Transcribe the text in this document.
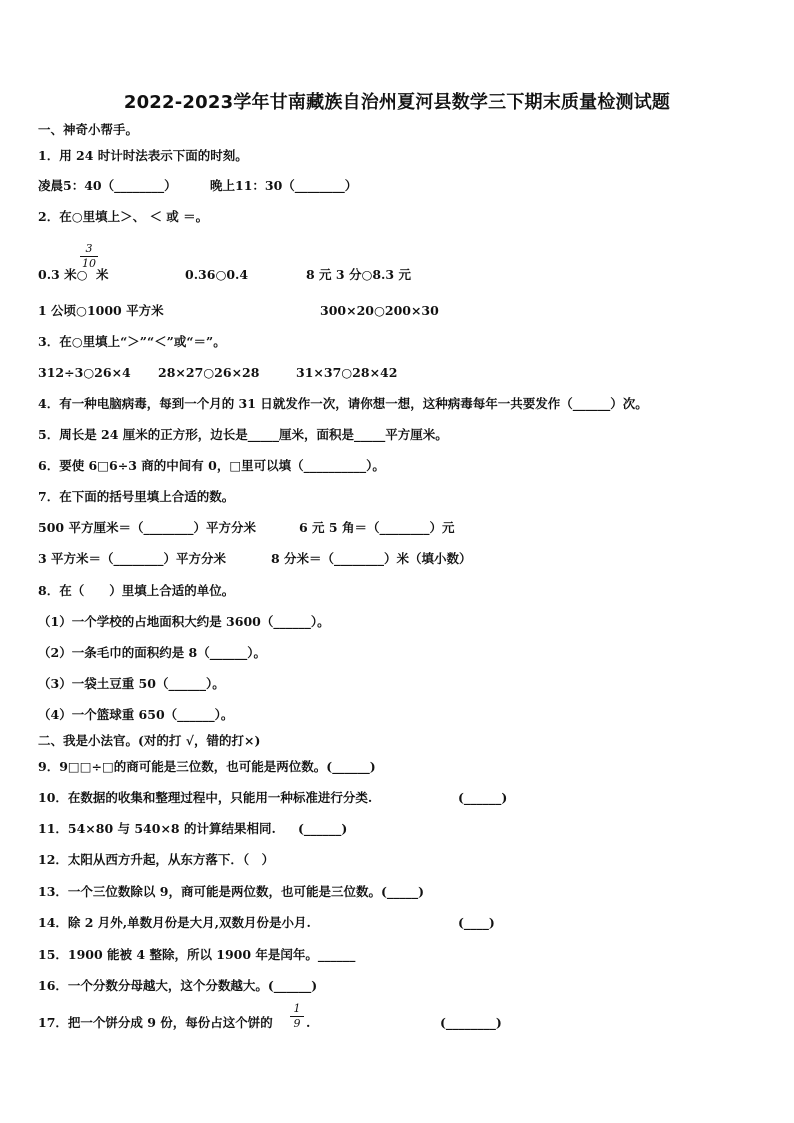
2022-2023学年甘南藏族自治州夏河县数学三下期末质量检测试题
一、神奇小帮手。
1．用 24 时计时法表示下面的时刻。
凌晨5：40（________）	晚上11：30（________）
2．在○里填上＞、 ＜ 或 ＝。
3
10
0.3 米○ 米	0.36○0.4	8 元 3 分○8.3 元
1 公顷○1000 平方米	300×20○200×30
3．在○里填上“＞”“＜”或“＝”。
312÷3○26×4 28×27○26×28	31×37○28×42
4．有一种电脑病毒，每到一个月的 31 日就发作一次，请你想一想，这种病毒每年一共要发作（______）次。
5．周长是 24 厘米的正方形，边长是_____厘米，面积是_____平方厘米。
6．要使 6□6÷3 商的中间有 0，□里可以填（__________）。
7．在下面的括号里填上合适的数。
500 平方厘米＝（________）平方分米	6 元 5 角＝（________）元
3 平方米＝（________）平方分米	8 分米＝（________）米（填小数）
8．在（　　）里填上合适的单位。
（1）一个学校的占地面积大约是 3600（______）。
（2）一条毛巾的面积约是 8（______）。
（3）一袋土豆重 50（______）。
（4）一个篮球重 650（______）。
二、我是小法官。(对的打 √，错的打×)
9．9□□÷□的商可能是三位数，也可能是两位数。(______)
10．在数据的收集和整理过程中，只能用一种标准进行分类.	(______)
11．54×80 与 540×8 的计算结果相同. (______)
12．太阳从西方升起，从东方落下．（　）
13．一个三位数除以 9，商可能是两位数，也可能是三位数。(_____)
14．除 2 月外,单数月份是大月,双数月份是小月.	(____)
15．1900 能被 4 整除，所以 1900 年是闰年。______
16．一个分数分母越大，这个分数越大。(______)
17．把一个饼分成 9 份，每份占这个饼的
1
9 .	(________)
